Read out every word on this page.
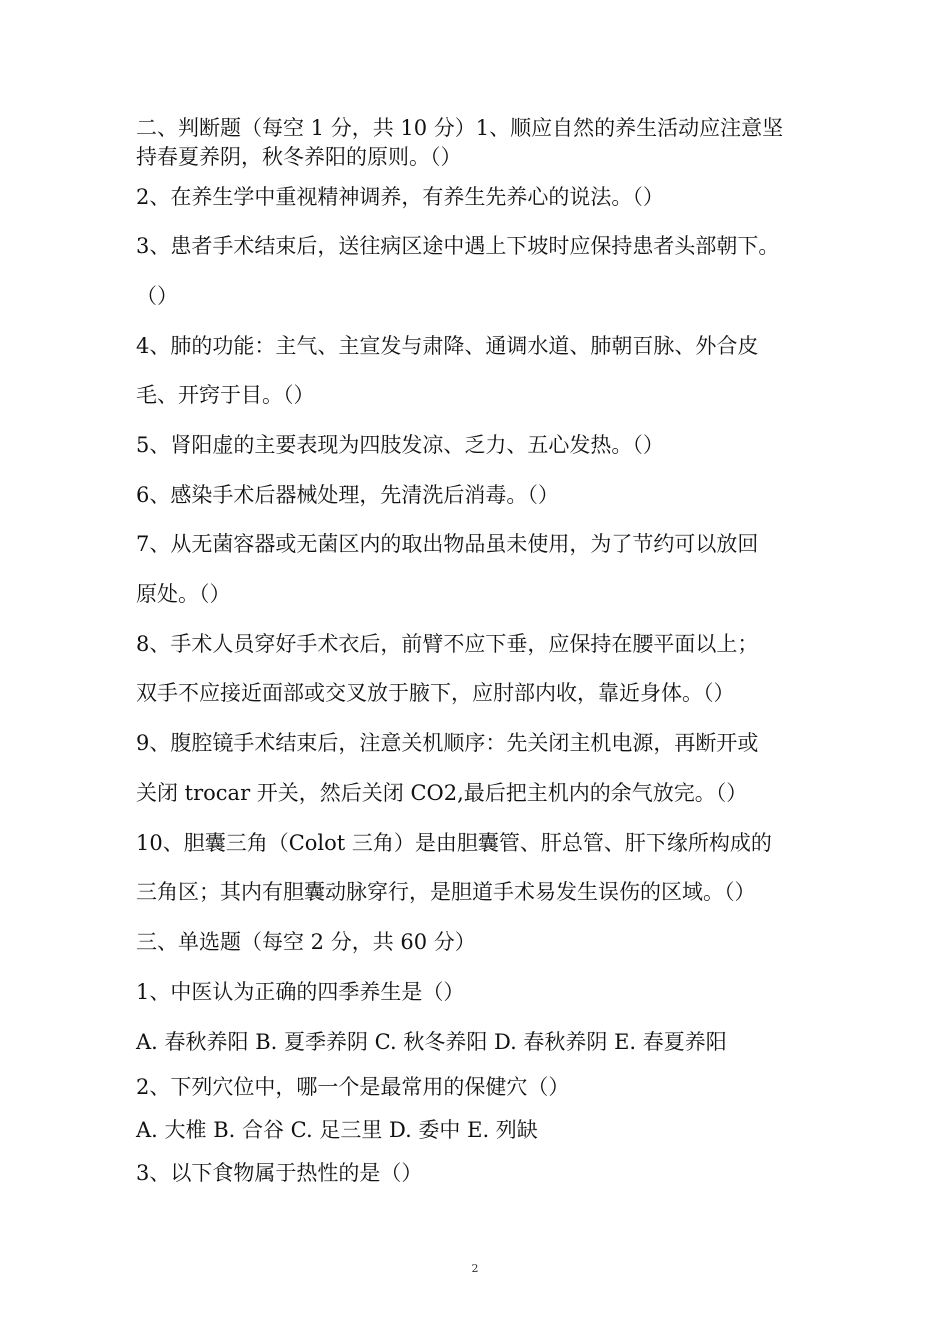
二、判断题（每空 1 分，共 10 分）1、顺应自然的养生活动应注意坚
持春夏养阴，秋冬养阳的原则。（）
2、在养生学中重视精神调养，有养生先养心的说法。（）
3、患者手术结束后，送往病区途中遇上下坡时应保持患者头部朝下。
（）
4、肺的功能：主气、主宣发与肃降、通调水道、肺朝百脉、外合皮
毛、开窍于目。（）
5、肾阳虚的主要表现为四肢发凉、乏力、五心发热。（）
6、感染手术后器械处理，先清洗后消毒。（）
7、从无菌容器或无菌区内的取出物品虽未使用，为了节约可以放回
原处。（）
8、手术人员穿好手术衣后，前臂不应下垂，应保持在腰平面以上；
双手不应接近面部或交叉放于腋下，应肘部内收，靠近身体。（）
9、腹腔镜手术结束后，注意关机顺序：先关闭主机电源，再断开或
关闭 trocar 开关，然后关闭 CO2,最后把主机内的余气放完。（）
10、胆囊三角（Colot 三角）是由胆囊管、肝总管、肝下缘所构成的
三角区；其内有胆囊动脉穿行，是胆道手术易发生误伤的区域。（）
三、单选题（每空 2 分，共 60 分）
1、中医认为正确的四季养生是（）
A. 春秋养阳 B. 夏季养阴 C. 秋冬养阳 D. 春秋养阴 E. 春夏养阳
2、下列穴位中，哪一个是最常用的保健穴（）
A. 大椎 B. 合谷 C. 足三里 D. 委中 E. 列缺
3、以下食物属于热性的是（）
2
